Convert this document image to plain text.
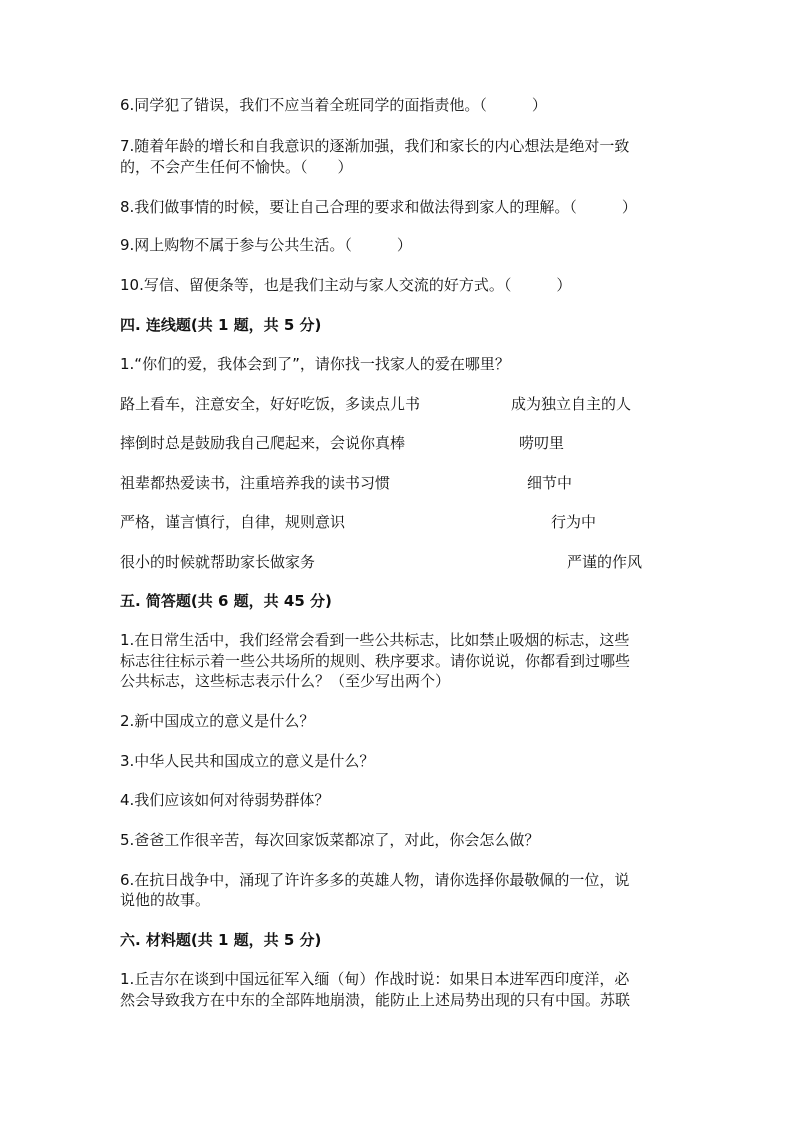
6.同学犯了错误，我们不应当着全班同学的面指责他。（　　　）
7.随着年龄的增长和自我意识的逐渐加强，我们和家长的内心想法是绝对一致
的，不会产生任何不愉快。（　　）
8.我们做事情的时候，要让自己合理的要求和做法得到家人的理解。（　　　）
9.网上购物不属于参与公共生活。（　　　）
10.写信、留便条等，也是我们主动与家人交流的好方式。（　　　）
四. 连线题(共 1 题，共 5 分)
1.“你们的爱，我体会到了”，请你找一找家人的爱在哪里？
路上看车，注意安全，好好吃饭，多读点儿书	成为独立自主的人
摔倒时总是鼓励我自己爬起来，会说你真棒	唠叨里
祖辈都热爱读书，注重培养我的读书习惯	细节中
严格，谨言慎行，自律，规则意识	行为中
很小的时候就帮助家长做家务	严谨的作风
五. 简答题(共 6 题，共 45 分)
1.在日常生活中，我们经常会看到一些公共标志，比如禁止吸烟的标志，这些
标志往往标示着一些公共场所的规则、秩序要求。请你说说，你都看到过哪些
公共标志，这些标志表示什么？（至少写出两个）
2.新中国成立的意义是什么？
3.中华人民共和国成立的意义是什么？
4.我们应该如何对待弱势群体？
5.爸爸工作很辛苦，每次回家饭菜都凉了，对此，你会怎么做？
6.在抗日战争中，涌现了许许多多的英雄人物，请你选择你最敬佩的一位，说
说他的故事。
六. 材料题(共 1 题，共 5 分)
1.丘吉尔在谈到中国远征军入缅（甸）作战时说：如果日本进军西印度洋，必
然会导致我方在中东的全部阵地崩溃，能防止上述局势出现的只有中国。苏联
